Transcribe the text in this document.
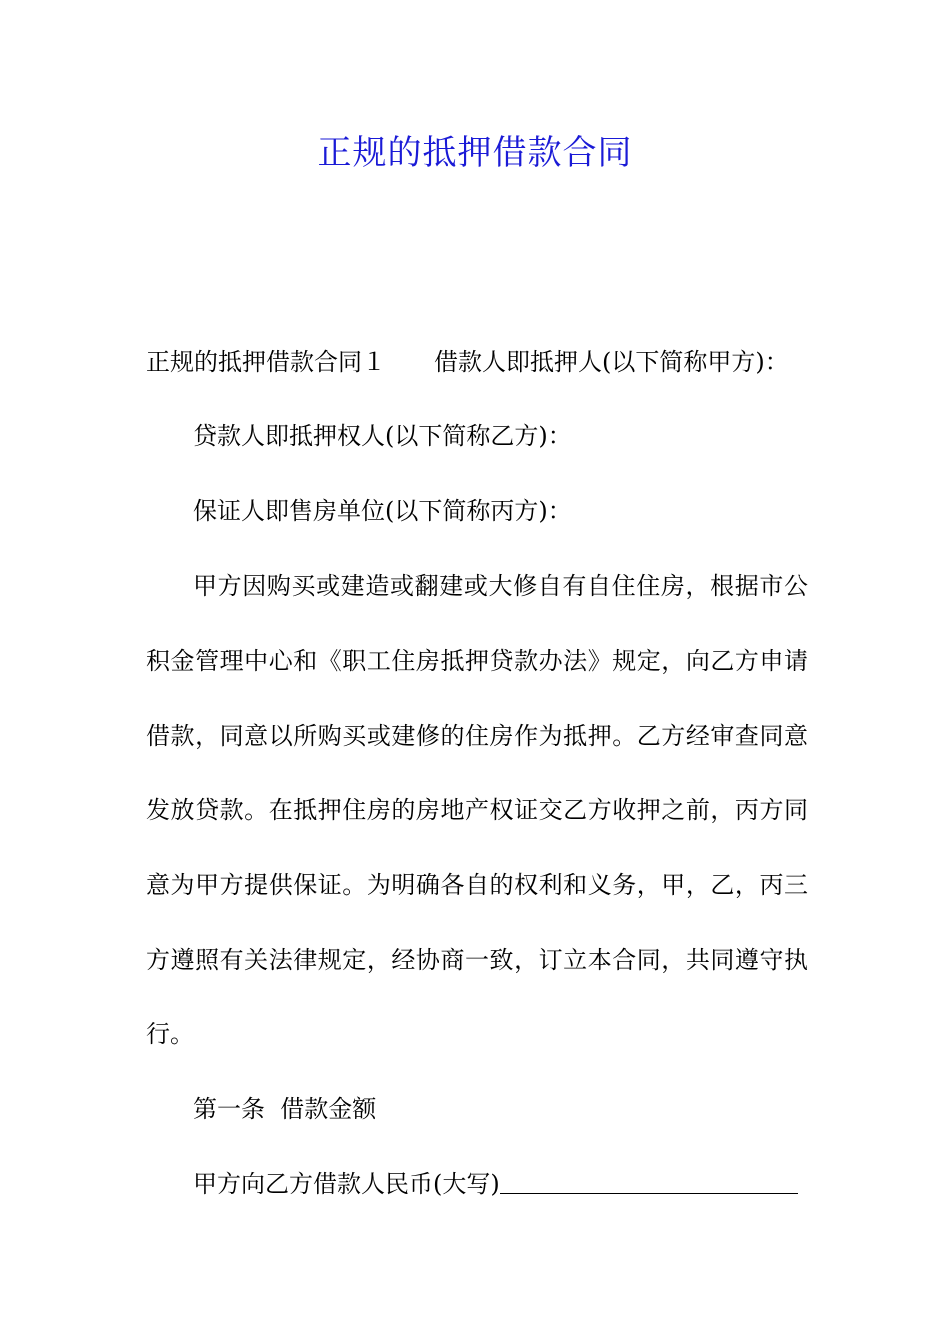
正规的抵押借款合同
正规的抵押借款合同１ 借款人即抵押人(以下简称甲方)：
贷款人即抵押权人(以下简称乙方)：
保证人即售房单位(以下简称丙方)：
甲方因购买或建造或翻建或大修自有自住住房，根据市公
积金管理中心和《职工住房抵押贷款办法》规定，向乙方申请
借款，同意以所购买或建修的住房作为抵押。乙方经审查同意
发放贷款。在抵押住房的房地产权证交乙方收押之前，丙方同
意为甲方提供保证。为明确各自的权利和义务，甲，乙，丙三
方遵照有关法律规定，经协商一致，订立本合同，共同遵守执
行。
第一条  借款金额
甲方向乙方借款人民币(大写)
